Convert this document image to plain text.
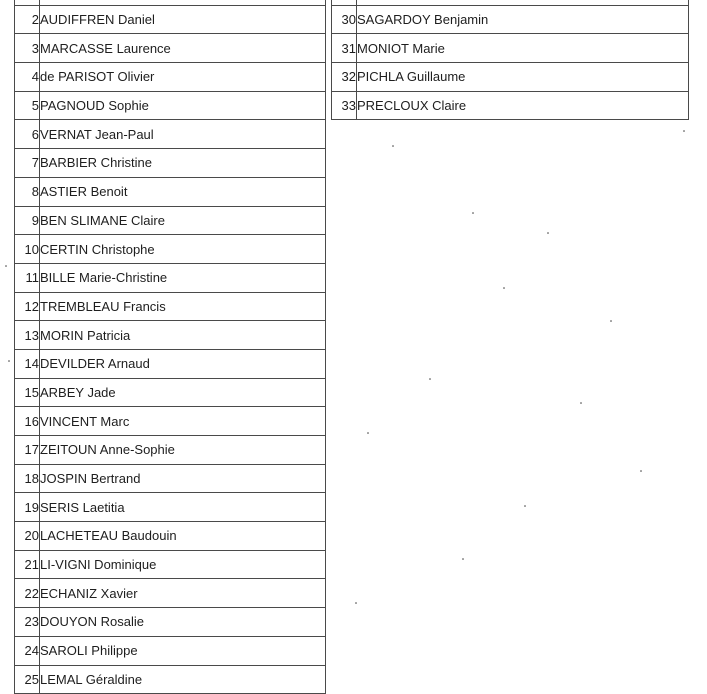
2	AUDIFFREN Daniel
3	MARCASSE Laurence
4	de PARISOT Olivier
5	PAGNOUD Sophie
6	VERNAT Jean-Paul
7	BARBIER Christine
8	ASTIER Benoit
9	BEN SLIMANE Claire
10	CERTIN Christophe
11	BILLE Marie-Christine
12	TREMBLEAU Francis
13	MORIN Patricia
14	DEVILDER Arnaud
15	ARBEY Jade
16	VINCENT Marc
17	ZEITOUN Anne-Sophie
18	JOSPIN Bertrand
19	SERIS Laetitia
20	LACHETEAU Baudouin
21	LI-VIGNI Dominique
22	ECHANIZ Xavier
23	DOUYON Rosalie
24	SAROLI Philippe
25	LEMAL Géraldine

30	SAGARDOY Benjamin
31	MONIOT Marie
32	PICHLA Guillaume
33	PRECLOUX Claire
